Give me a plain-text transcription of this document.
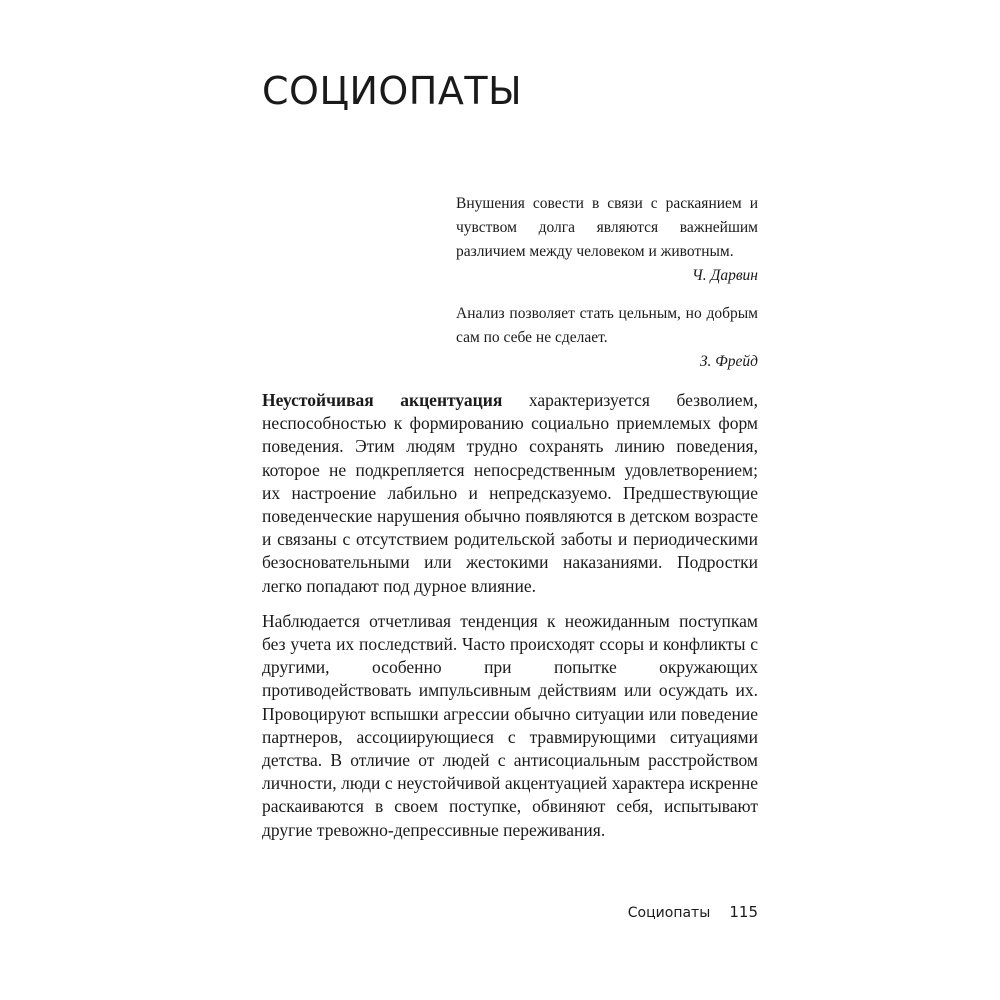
СОЦИОПАТЫ

Внушения совести в связи с раскаянием и чувством долга являются важнейшим различием между человеком и животным.

Ч. Дарвин

Анализ позволяет стать цельным, но добрым сам по себе не сделает.

З. Фрейд

Неустойчивая акцентуация характеризуется безволием, неспособностью к формированию социально приемлемых форм поведения. Этим людям трудно сохранять линию поведения, которое не подкрепляется непосредственным удовлетворением; их настроение лабильно и непредсказуемо. Предшествующие поведенческие нарушения обычно появляются в детском возрасте и связаны с отсутствием родительской заботы и периодическими безосновательными или жестокими наказаниями. Подростки легко попадают под дурное влияние.

Наблюдается отчетливая тенденция к неожиданным поступкам без учета их последствий. Часто происходят ссоры и конфликты с другими, особенно при попытке окружающих противодействовать импульсивным действиям или осуждать их. Провоцируют вспышки агрессии обычно ситуации или поведение партнеров, ассоциирующиеся с травмирующими ситуациями детства. В отличие от людей с антисоциальным расстройством личности, люди с неустойчивой акцентуацией характера искренне раскаиваются в своем поступке, обвиняют себя, испытывают другие тревожно-депрессивные переживания.

Социопаты 115
